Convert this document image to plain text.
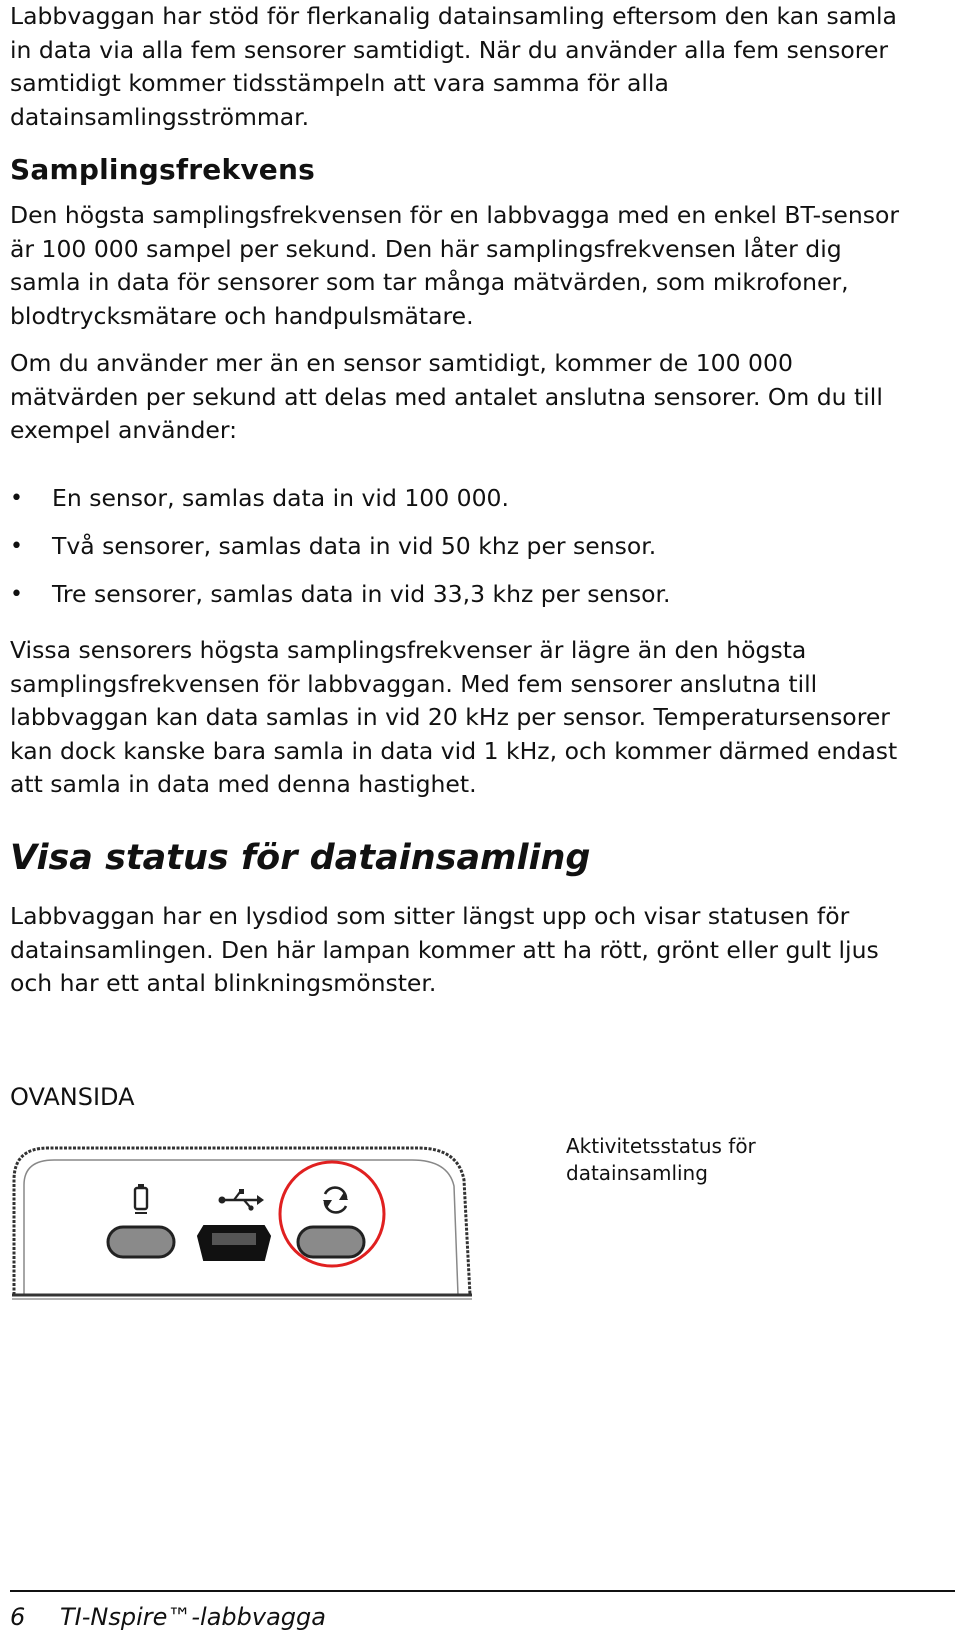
Labbvaggan har stöd för flerkanalig datainsamling eftersom den kan samla in data via alla fem sensorer samtidigt. När du använder alla fem sensorer samtidigt kommer tidsstämpeln att vara samma för alla datainsamlingsströmmar.

Samplingsfrekvens

Den högsta samplingsfrekvensen för en labbvagga med en enkel BT-sensor är 100 000 sampel per sekund. Den här samplingsfrekvensen låter dig samla in data för sensorer som tar många mätvärden, som mikrofoner, blodtrycksmätare och handpulsmätare.

Om du använder mer än en sensor samtidigt, kommer de 100 000 mätvärden per sekund att delas med antalet anslutna sensorer. Om du till exempel använder:

• En sensor, samlas data in vid 100 000.
• Två sensorer, samlas data in vid 50 khz per sensor.
• Tre sensorer, samlas data in vid 33,3 khz per sensor.

Vissa sensorers högsta samplingsfrekvenser är lägre än den högsta samplingsfrekvensen för labbvaggan. Med fem sensorer anslutna till labbvaggan kan data samlas in vid 20 kHz per sensor. Temperatursensorer kan dock kanske bara samla in data vid 1 kHz, och kommer därmed endast att samla in data med denna hastighet.

Visa status för datainsamling

Labbvaggan har en lysdiod som sitter längst upp och visar statusen för datainsamlingen. Den här lampan kommer att ha rött, grönt eller gult ljus och har ett antal blinkningsmönster.

OVANSIDA
Aktivitetsstatus för datainsamling
6 TI-Nspire™-labbvagga
